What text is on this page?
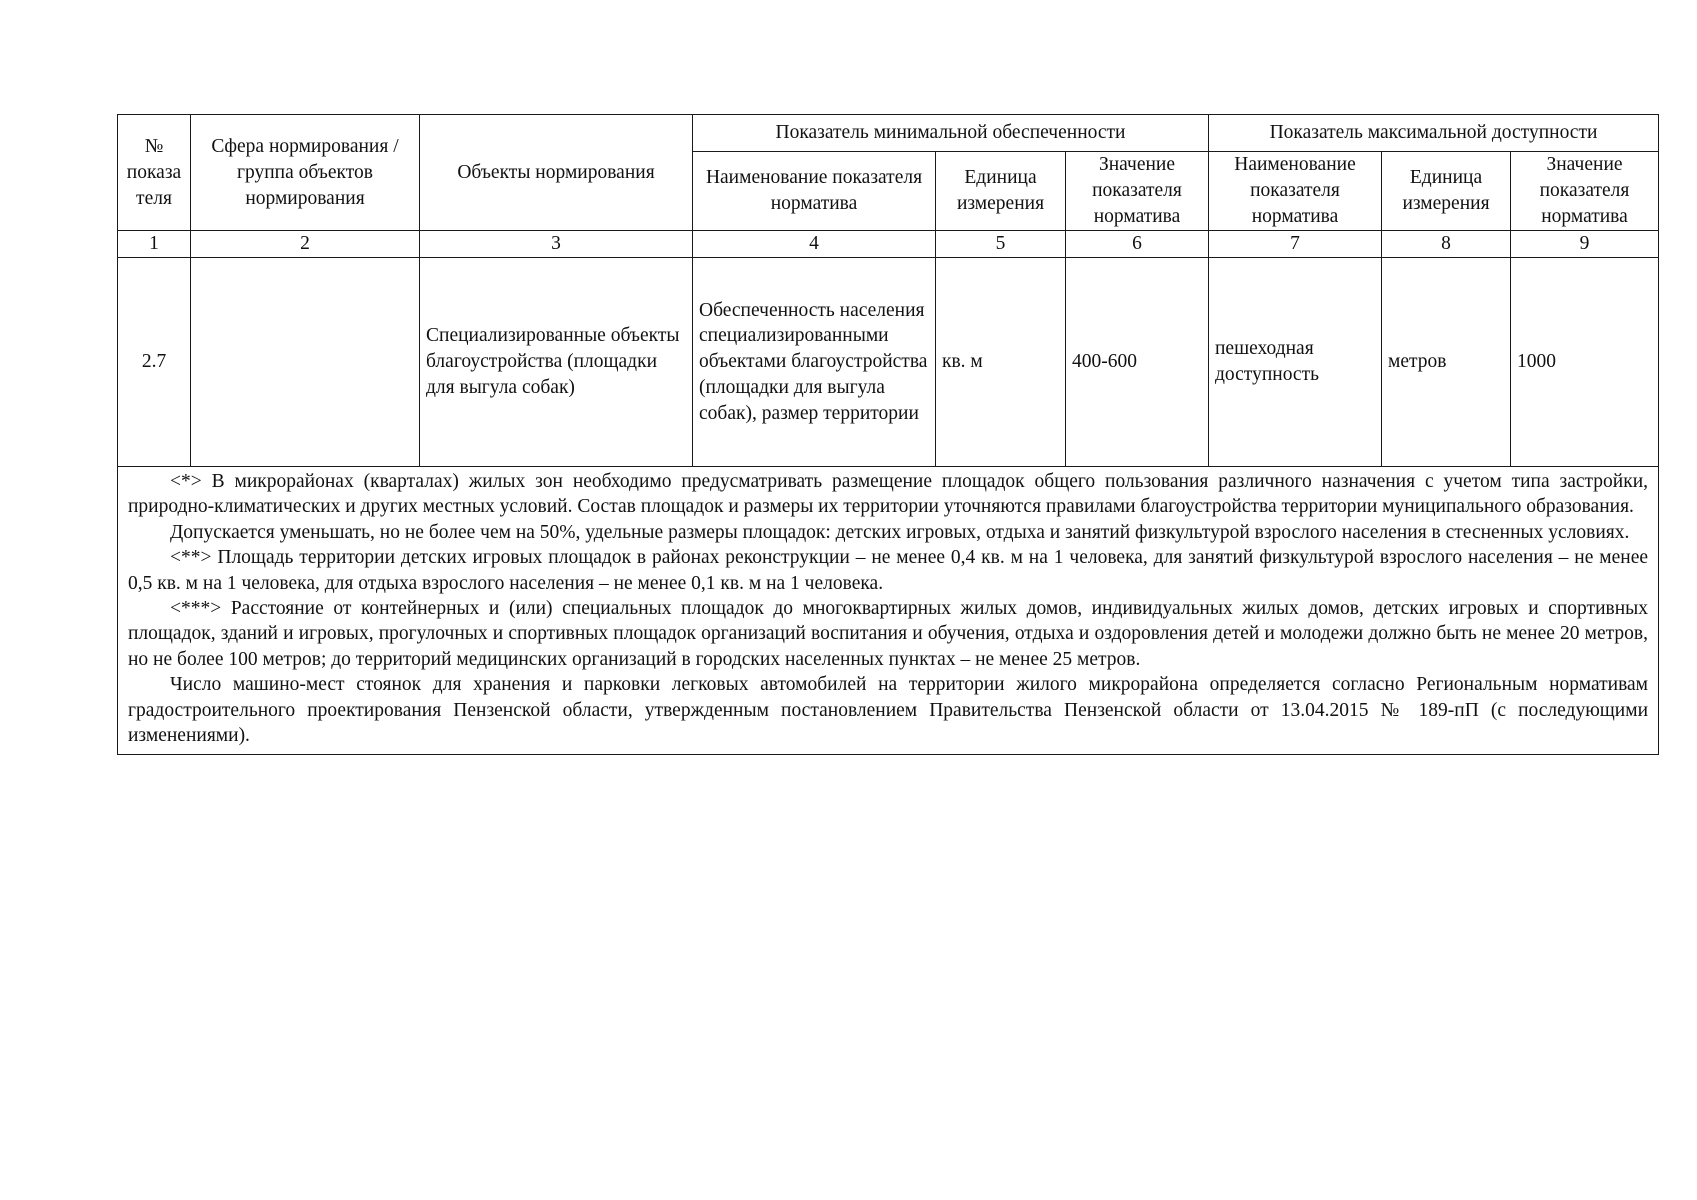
№ показа теля	Сфера нормирования / группа объектов нормирования	Объекты нормирования	Показатель минимальной обеспеченности			Показатель максимальной доступности		
			Наименование показателя норматива	Единица измерения	Значение показателя норматива	Наименование показателя норматива	Единица измерения	Значение показателя норматива
1	2	3	4	5	6	7	8	9
2.7		Специализированные объекты благоустройства (площадки для выгула собак)	Обеспеченность населения специализированными объектами благоустройства (площадки для выгула собак), размер территории	кв. м	400-600	пешеходная доступность	метров	1000

<*> В микрорайонах (кварталах) жилых зон необходимо предусматривать размещение площадок общего пользования различного назначения с учетом типа застройки, природно-климатических и других местных условий. Состав площадок и размеры их территории уточняются правилами благоустройства территории муниципального образования.

Допускается уменьшать, но не более чем на 50%, удельные размеры площадок: детских игровых, отдыха и занятий физкультурой взрослого населения в стесненных условиях.

<**> Площадь территории детских игровых площадок в районах реконструкции – не менее 0,4 кв. м на 1 человека, для занятий физкультурой взрослого населения – не менее 0,5 кв. м на 1 человека, для отдыха взрослого населения – не менее 0,1 кв. м на 1 человека.

<***> Расстояние от контейнерных и (или) специальных площадок до многоквартирных жилых домов, индивидуальных жилых домов, детских игровых и спортивных площадок, зданий и игровых, прогулочных и спортивных площадок организаций воспитания и обучения, отдыха и оздоровления детей и молодежи должно быть не менее 20 метров, но не более 100 метров; до территорий медицинских организаций в городских населенных пунктах – не менее 25 метров.

Число машино-мест стоянок для хранения и парковки легковых автомобилей на территории жилого микрорайона определяется согласно Региональным нормативам градостроительного проектирования Пензенской области, утвержденным постановлением Правительства Пензенской области от 13.04.2015 № 189-пП (с последующими изменениями).								
